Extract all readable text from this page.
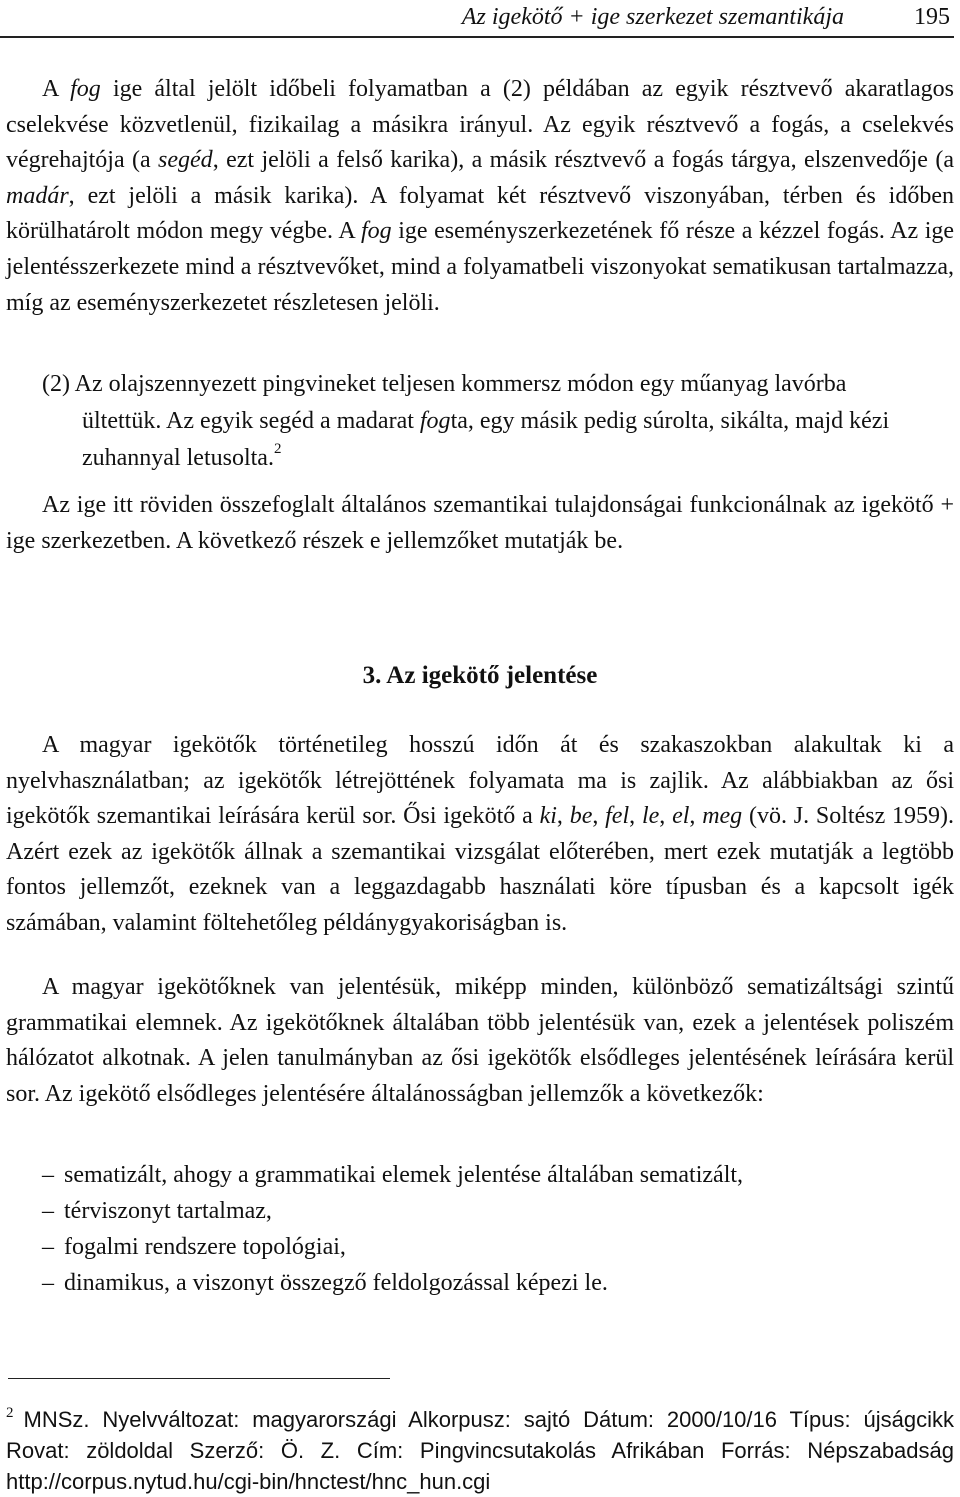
Az igekötő + ige szerkezet szemantikája	195

A fog ige által jelölt időbeli folyamatban a (2) példában az egyik résztvevő akaratlagos cselekvése közvetlenül, fizikailag a másikra irányul. Az egyik résztvevő a fogás, a cselekvés végrehajtója (a segéd, ezt jelöli a felső karika), a másik résztvevő a fogás tárgya, elszenvedője (a madár, ezt jelöli a másik karika). A folyamat két résztvevő viszonyában, térben és időben körülhatárolt módon megy végbe. A fog ige eseményszerkezetének fő része a kézzel fogás. Az ige jelentésszerkezete mind a résztvevőket, mind a folyamatbeli viszonyokat sematikusan tartalmazza, míg az eseményszerkezetet részletesen jelöli.

(2) Az olajszennyezett pingvineket teljesen kommersz módon egy műanyag lavórba ültettük. Az egyik segéd a madarat fogta, egy másik pedig súrolta, sikálta, majd kézi zuhannyal letusolta.$^2$

Az ige itt röviden összefoglalt általános szemantikai tulajdonságai funkcionálnak az igekötő + ige szerkezetben. A következő részek e jellemzőket mutatják be.

3. Az igekötő jelentése

A magyar igekötők történetileg hosszú időn át és szakaszokban alakultak ki a nyelvhasználatban; az igekötők létrejöttének folyamata ma is zajlik. Az alábbiakban az ősi igekötők szemantikai leírására kerül sor. Ősi igekötő a ki, be, fel, le, el, meg (vö. J. Soltész 1959). Azért ezek az igekötők állnak a szemantikai vizsgálat előterében, mert ezek mutatják a legtöbb fontos jellemzőt, ezeknek van a leggazdagabb használati köre típusban és a kapcsolt igék számában, valamint föltehetőleg példánygyakoriságban is.

A magyar igekötőknek van jelentésük, miképp minden, különböző sematizáltsági szintű grammatikai elemnek. Az igekötőknek általában több jelentésük van, ezek a jelentések poliszém hálózatot alkotnak. A jelen tanulmányban az ősi igekötők elsődleges jelentésének leírására kerül sor. Az igekötő elsődleges jelentésére általánosságban jellemzők a következők:

– sematizált, ahogy a grammatikai elemek jelentése általában sematizált,
– térviszonyt tartalmaz,
– fogalmi rendszere topológiai,
– dinamikus, a viszonyt összegző feldolgozással képezi le.

$^2$ MNSz. Nyelvváltozat: magyarországi Alkorpusz: sajtó Dátum: 2000/10/16 Típus: újságcikk Rovat: zöldoldal Szerző: Ö. Z. Cím: Pingvincsutakolás Afrikában Forrás: Népszabadság http://corpus.nytud.hu/cgi-bin/hnctest/hnc_hun.cgi
